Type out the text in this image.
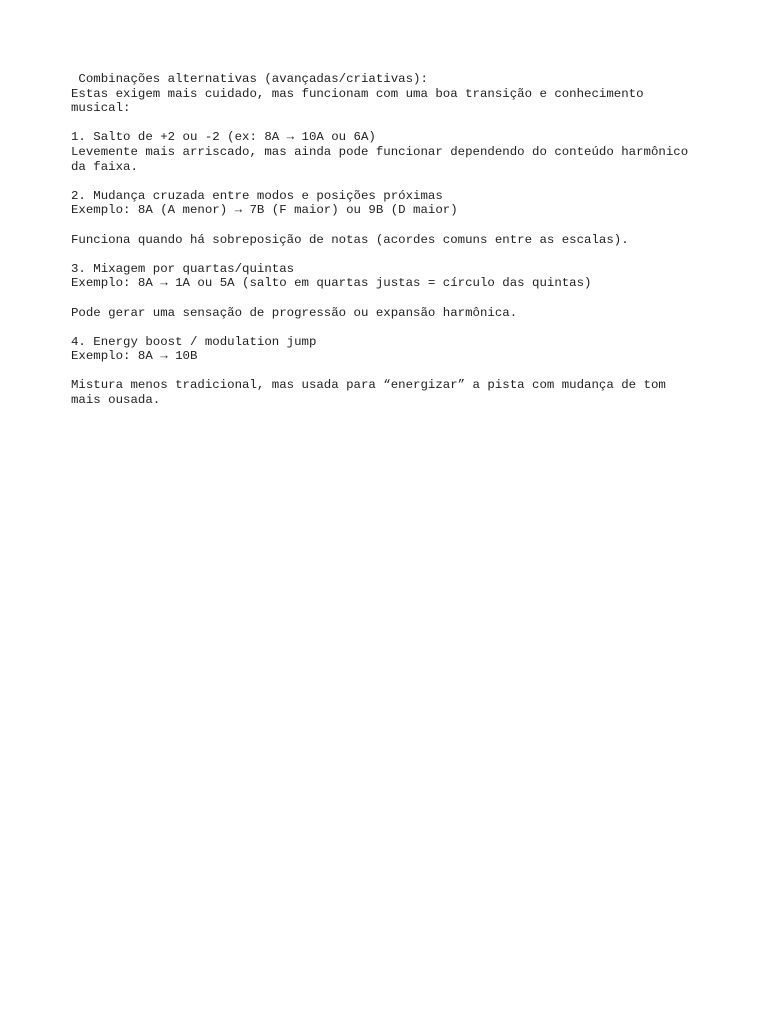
Combinações alternativas (avançadas/criativas):
Estas exigem mais cuidado, mas funcionam com uma boa transição e conhecimento
musical:
1. Salto de +2 ou -2 (ex: 8A → 10A ou 6A)
Levemente mais arriscado, mas ainda pode funcionar dependendo do conteúdo harmônico
da faixa.
2. Mudança cruzada entre modos e posições próximas
Exemplo: 8A (A menor) → 7B (F maior) ou 9B (D maior)
Funciona quando há sobreposição de notas (acordes comuns entre as escalas).
3. Mixagem por quartas/quintas
Exemplo: 8A → 1A ou 5A (salto em quartas justas = círculo das quintas)
Pode gerar uma sensação de progressão ou expansão harmônica.
4. Energy boost / modulation jump
Exemplo: 8A → 10B
Mistura menos tradicional, mas usada para “energizar” a pista com mudança de tom
mais ousada.
